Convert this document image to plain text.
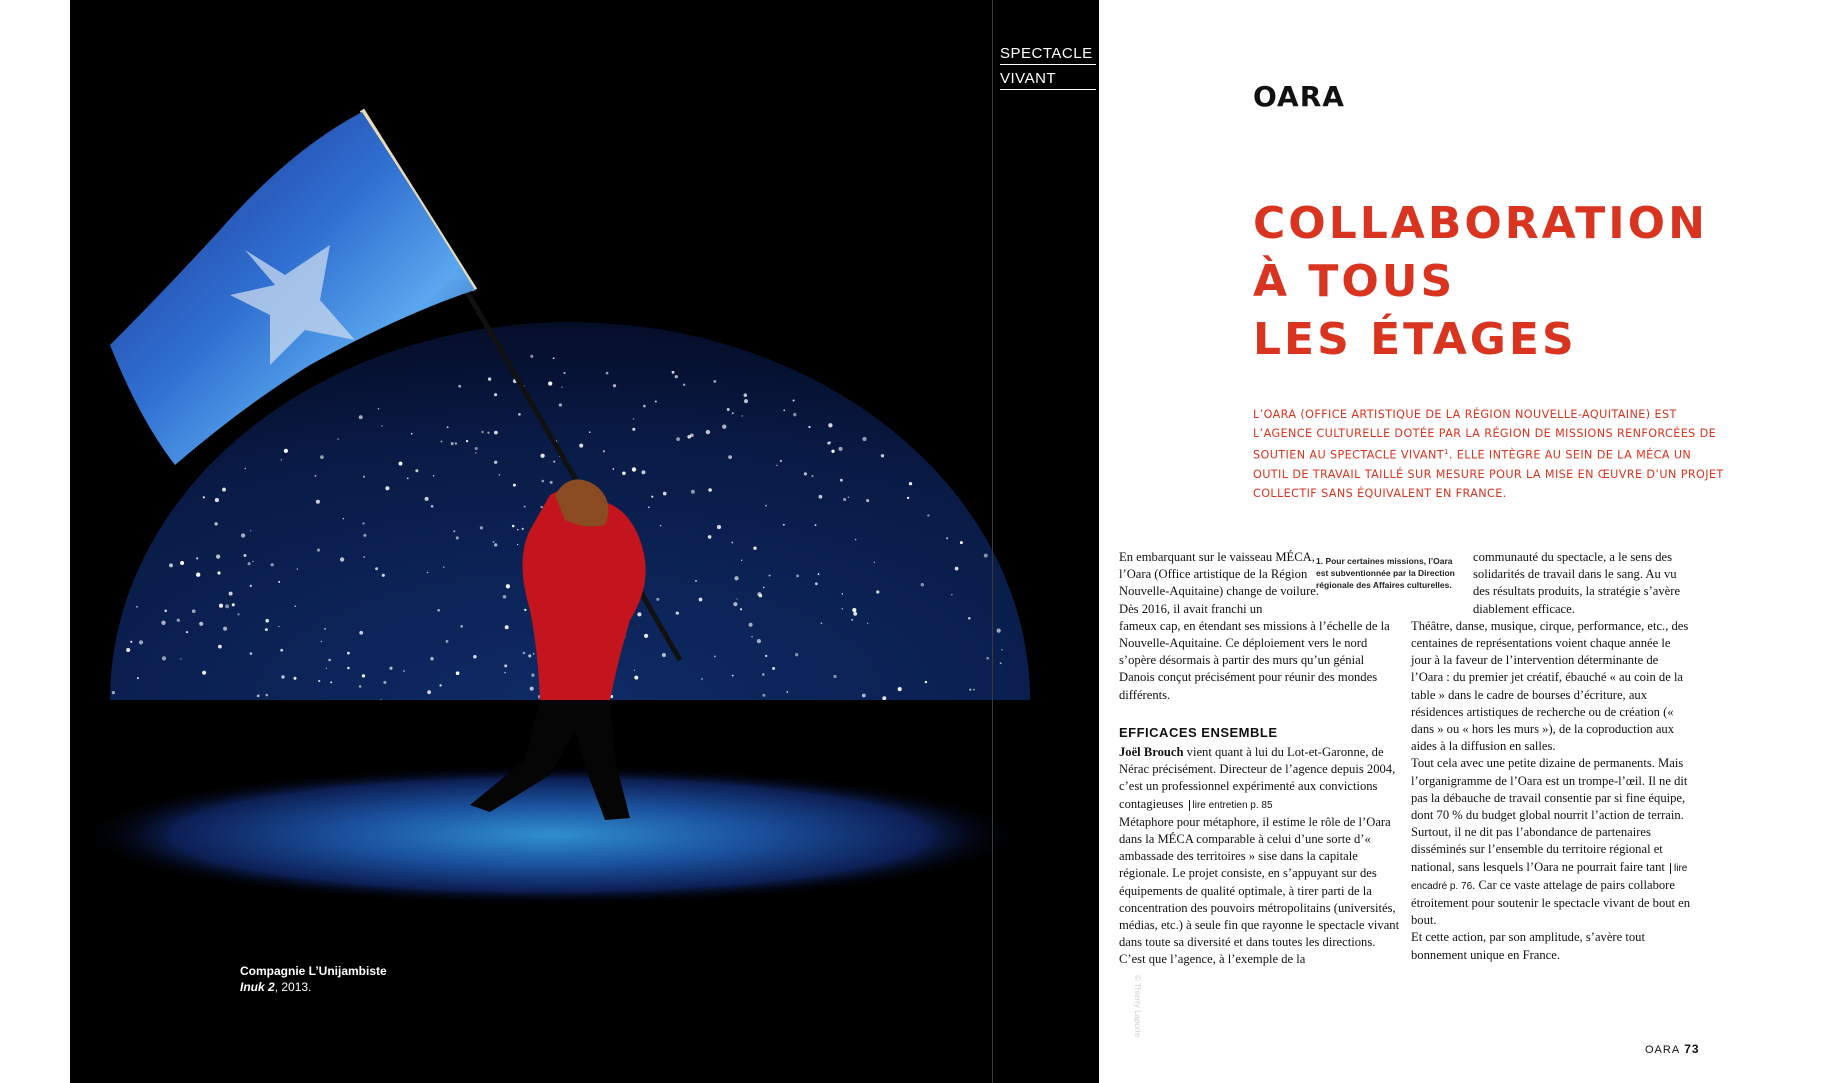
Compagnie L’Unijambiste
Inuk 2, 2013.	© Thierry Laporte
SPECTACLE
VIVANT
OARA
COLLABORATION
À TOUS
LES ÉTAGES
L’OARA (OFFICE ARTISTIQUE DE LA RÉGION NOUVELLE-AQUITAINE) EST L’AGENCE CULTURELLE DOTÉE PAR LA RÉGION DE MISSIONS RENFORCÉES DE SOUTIEN AU SPECTACLE VIVANT$^1$. ELLE INTÈGRE AU SEIN DE LA MÉCA UN OUTIL DE TRAVAIL TAILLÉ SUR MESURE POUR LA MISE EN ŒUVRE D’UN PROJET COLLECTIF SANS ÉQUIVALENT EN FRANCE.
1. Pour certaines missions, l’Oara est subventionnée par la Direction régionale des Affaires culturelles.

En embarquant sur le vaisseau MÉCA, l’Oara (Office artistique de la Région Nouvelle-Aquitaine) change de voilure. Dès 2016, il avait franchi un

fameux cap, en étendant ses missions à l’échelle de la Nouvelle-Aquitaine. Ce déploiement vers le nord s’opère désormais à partir des murs qu’un génial Danois conçut précisément pour réunir des mondes différents.

EFFICACES ENSEMBLE

Joël Brouch vient quant à lui du Lot-et-Garonne, de Nérac précisément. Directeur de l’agence depuis 2004, c’est un professionnel expérimenté aux convictions contagieuses lire entretien p. 85

Métaphore pour métaphore, il estime le rôle de l’Oara dans la MÉCA comparable à celui d’une sorte d’« ambassade des territoires » sise dans la capitale régionale. Le projet consiste, en s’appuyant sur des équipements de qualité optimale, à tirer parti de la concentration des pouvoirs métropolitains (universités, médias, etc.) à seule fin que rayonne le spectacle vivant dans toute sa diversité et dans toutes les directions.

C’est que l’agence, à l’exemple de la

communauté du spectacle, a le sens des solidarités de travail dans le sang. Au vu des résultats produits, la stratégie s’avère diablement efficace.

Théâtre, danse, musique, cirque, performance, etc., des centaines de représentations voient chaque année le jour à la faveur de l’intervention déterminante de l’Oara : du premier jet créatif, ébauché « au coin de la table » dans le cadre de bourses d’écriture, aux résidences artistiques de recherche ou de création (« dans » ou « hors les murs »), de la coproduction aux aides à la diffusion en salles.

Tout cela avec une petite dizaine de permanents. Mais l’organigramme de l’Oara est un trompe-l’œil. Il ne dit pas la débauche de travail consentie par si fine équipe, dont 70 % du budget global nourrit l’action de terrain. Surtout, il ne dit pas l’abondance de partenaires disséminés sur l’ensemble du territoire régional et national, sans lesquels l’Oara ne pourrait faire tant lire encadré p. 76. Car ce vaste attelage de pairs collabore étroitement pour soutenir le spectacle vivant de bout en bout.

Et cette action, par son amplitude, s’avère tout bonnement unique en France.

OARA 73
